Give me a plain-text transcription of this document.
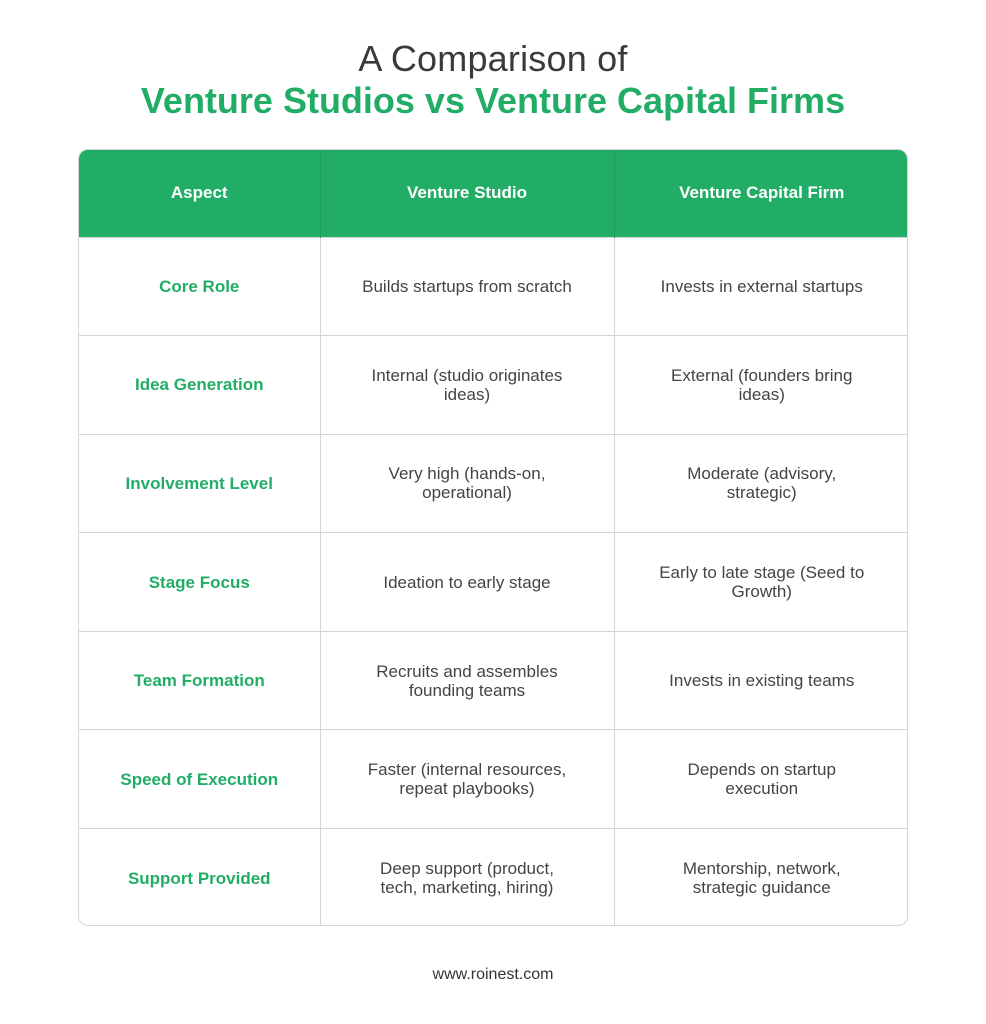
A Comparison of
Venture Studios vs Venture Capital Firms
Aspect	Venture Studio	Venture Capital Firm
Core Role	Builds startups from scratch	Invests in external startups
Idea Generation	Internal (studio originates ideas)	External (founders bring ideas)
Involvement Level	Very high (hands-on, operational)	Moderate (advisory, strategic)
Stage Focus	Ideation to early stage	Early to late stage (Seed to Growth)
Team Formation	Recruits and assembles founding teams	Invests in existing teams
Speed of Execution	Faster (internal resources, repeat playbooks)	Depends on startup execution
Support Provided	Deep support (product, tech, marketing, hiring)	Mentorship, network, strategic guidance
www.roinest.com
